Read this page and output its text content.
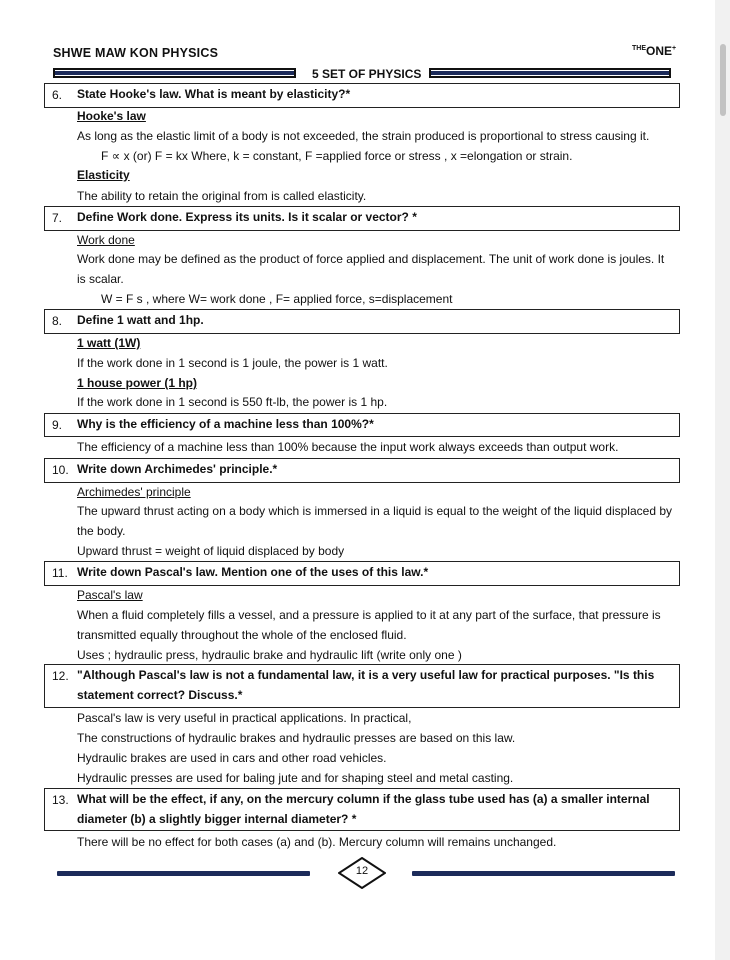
SHWE MAW KON PHYSICS	$^{THE}$ONE+
5 SET OF PHYSICS
6. State Hooke's law. What is meant by elasticity?*
Hooke's law
As long as the elastic limit of a body is not exceeded, the strain produced is proportional to stress causing it.
F ∝ x (or) F = kx Where, k = constant, F =applied force or stress , x =elongation or strain.
Elasticity
The ability to retain the original from is called elasticity.
7. Define Work done. Express its units. Is it scalar or vector? *
Work done
Work done may be defined as the product of force applied and displacement. The unit of work done is joules. It is scalar.
W = F s , where W= work done , F= applied force, s=displacement
8. Define 1 watt and 1hp.
1 watt (1W)
If the work done in 1 second is 1 joule, the power is 1 watt.
1 house power (1 hp)
If the work done in 1 second is 550 ft-lb, the power is 1 hp.
9. Why is the efficiency of a machine less than 100%?*
The efficiency of a machine less than 100% because the input work always exceeds than output work.
10. Write down Archimedes' principle.*
Archimedes' principle
The upward thrust acting on a body which is immersed in a liquid is equal to the weight of the liquid displaced by the body.
Upward thrust = weight of liquid displaced by body
11. Write down Pascal's law. Mention one of the uses of this law.*
Pascal's law
When a fluid completely fills a vessel, and a pressure is applied to it at any part of the surface, that pressure is transmitted equally throughout the whole of the enclosed fluid.
Uses ; hydraulic press, hydraulic brake and hydraulic lift (write only one )
12. "Although Pascal's law is not a fundamental law, it is a very useful law for practical purposes. "Is this statement correct? Discuss.*
Pascal's law is very useful in practical applications. In practical,
The constructions of hydraulic brakes and hydraulic presses are based on this law.
Hydraulic brakes are used in cars and other road vehicles.
Hydraulic presses are used for baling jute and for shaping steel and metal casting.
13. What will be the effect, if any, on the mercury column if the glass tube used has (a) a smaller internal diameter (b) a slightly bigger internal diameter? *
There will be no effect for both cases (a) and (b). Mercury column will remains unchanged.
12
